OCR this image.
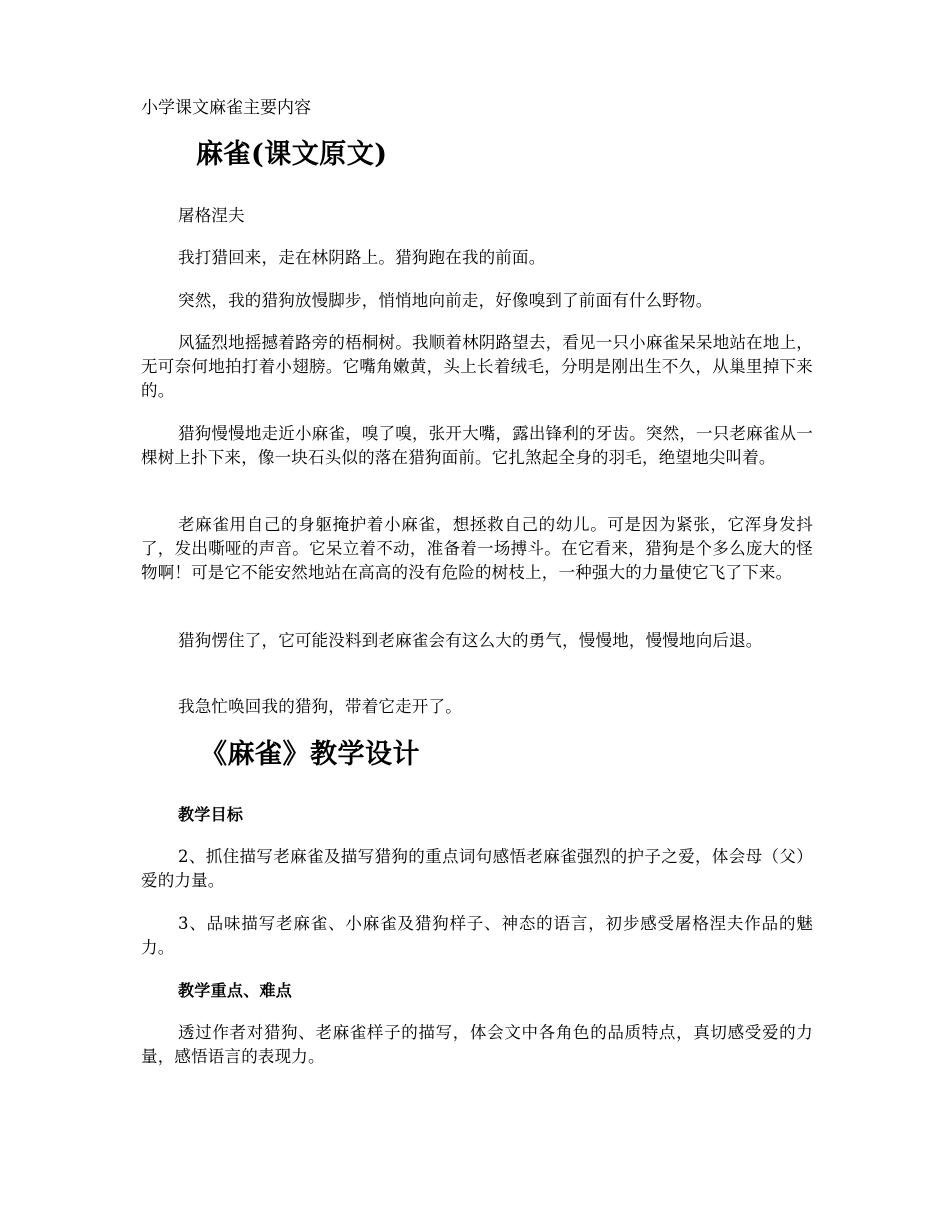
小学课文麻雀主要内容
麻雀(课文原文)

屠格涅夫

我打猎回来，走在林阴路上。猎狗跑在我的前面。

突然，我的猎狗放慢脚步，悄悄地向前走，好像嗅到了前面有什么野物。

风猛烈地摇撼着路旁的梧桐树。我顺着林阴路望去，看见一只小麻雀呆呆地站在地上，无可奈何地拍打着小翅膀。它嘴角嫩黄，头上长着绒毛，分明是刚出生不久，从巢里掉下来的。

猎狗慢慢地走近小麻雀，嗅了嗅，张开大嘴，露出锋利的牙齿。突然，一只老麻雀从一棵树上扑下来，像一块石头似的落在猎狗面前。它扎煞起全身的羽毛，绝望地尖叫着。

老麻雀用自己的身躯掩护着小麻雀，想拯救自己的幼儿。可是因为紧张，它浑身发抖了，发出嘶哑的声音。它呆立着不动，准备着一场搏斗。在它看来，猎狗是个多么庞大的怪物啊！可是它不能安然地站在高高的没有危险的树枝上，一种强大的力量使它飞了下来。

猎狗愣住了，它可能没料到老麻雀会有这么大的勇气，慢慢地，慢慢地向后退。

我急忙唤回我的猎狗，带着它走开了。

《麻雀》教学设计

教学目标

2、抓住描写老麻雀及描写猎狗的重点词句感悟老麻雀强烈的护子之爱，体会母（父）爱的力量。

3、品味描写老麻雀、小麻雀及猎狗样子、神态的语言，初步感受屠格涅夫作品的魅力。

教学重点、难点

透过作者对猎狗、老麻雀样子的描写，体会文中各角色的品质特点，真切感受爱的力量，感悟语言的表现力。
